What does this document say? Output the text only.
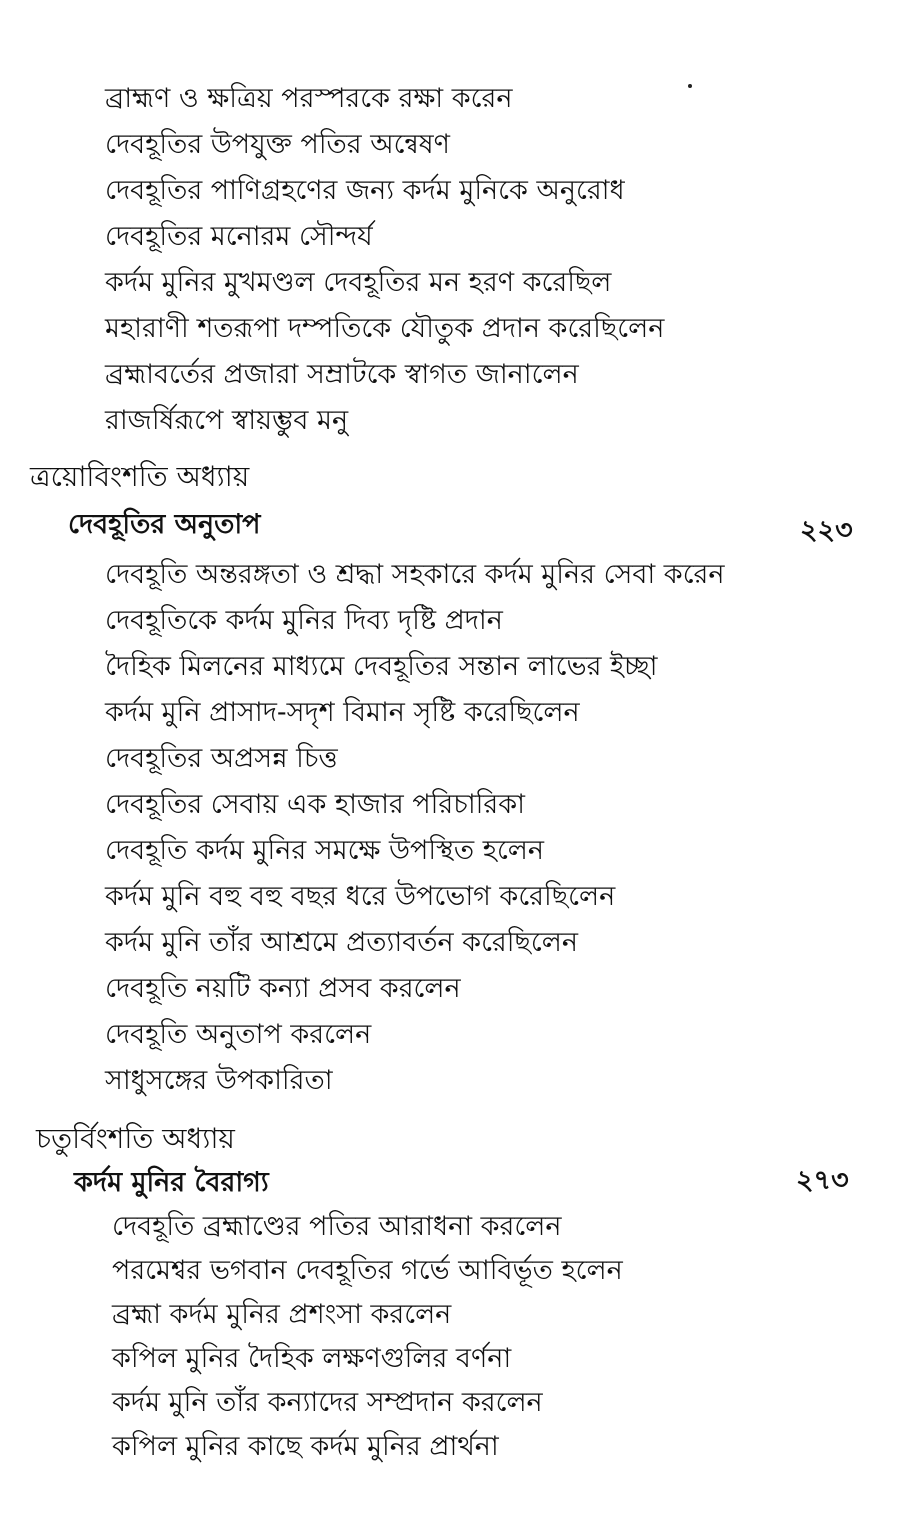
ব্রাহ্মণ ও ক্ষত্রিয় পরস্পরকে রক্ষা করেন

দেবহূতির উপযুক্ত পতির অন্বেষণ

দেবহূতির পাণিগ্রহণের জন্য কর্দম মুনিকে অনুরোধ

দেবহূতির মনোরম সৌন্দর্য

কর্দম মুনির মুখমণ্ডল দেবহূতির মন হরণ করেছিল

মহারাণী শতরূপা দম্পতিকে যৌতুক প্রদান করেছিলেন

ব্রহ্মাবর্তের প্রজারা সম্রাটকে স্বাগত জানালেন

রাজর্ষিরূপে স্বায়ম্ভুব মনু

ত্রয়োবিংশতি অধ্যায়

দেবহূতির অনুতাপ	২২৩

দেবহূতি অন্তরঙ্গতা ও শ্রদ্ধা সহকারে কর্দম মুনির সেবা করেন

দেবহূতিকে কর্দম মুনির দিব্য দৃষ্টি প্রদান

দৈহিক মিলনের মাধ্যমে দেবহূতির সন্তান লাভের ইচ্ছা

কর্দম মুনি প্রাসাদ-সদৃশ বিমান সৃষ্টি করেছিলেন

দেবহূতির অপ্রসন্ন চিত্ত

দেবহূতির সেবায় এক হাজার পরিচারিকা

দেবহূতি কর্দম মুনির সমক্ষে উপস্থিত হলেন

কর্দম মুনি বহু বহু বছর ধরে উপভোগ করেছিলেন

কর্দম মুনি তাঁর আশ্রমে প্রত্যাবর্তন করেছিলেন

দেবহূতি নয়টি কন্যা প্রসব করলেন

দেবহূতি অনুতাপ করলেন

সাধুসঙ্গের উপকারিতা

চতুর্বিংশতি অধ্যায়

কর্দম মুনির বৈরাগ্য	২৭৩

দেবহূতি ব্রহ্মাণ্ডের পতির আরাধনা করলেন

পরমেশ্বর ভগবান দেবহূতির গর্ভে আবির্ভূত হলেন

ব্রহ্মা কর্দম মুনির প্রশংসা করলেন

কপিল মুনির দৈহিক লক্ষণগুলির বর্ণনা

কর্দম মুনি তাঁর কন্যাদের সম্প্রদান করলেন

কপিল মুনির কাছে কর্দম মুনির প্রার্থনা
